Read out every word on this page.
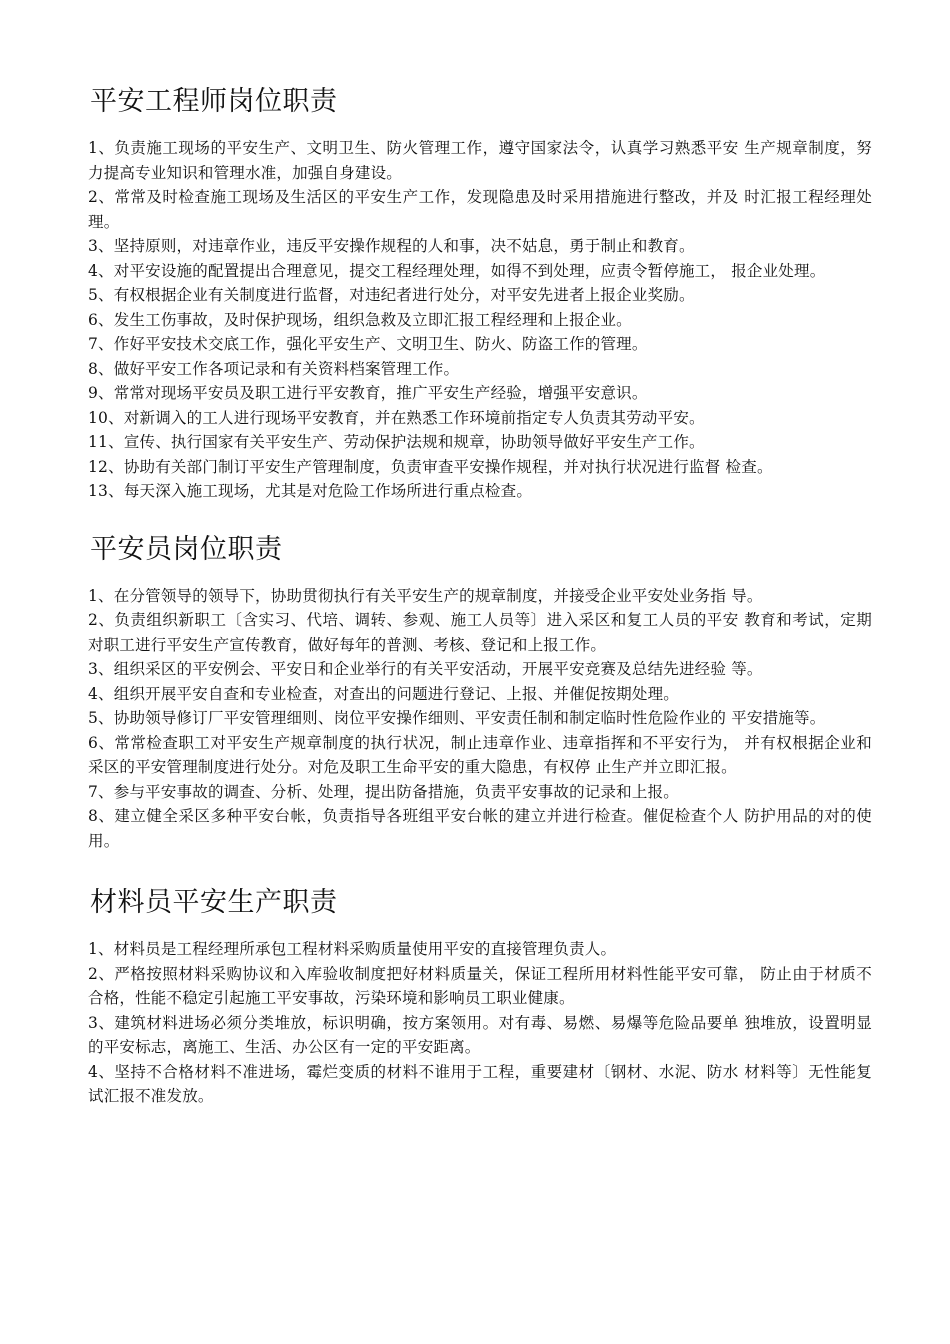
平安工程师岗位职责
1、负责施工现场的平安生产、文明卫生、防火管理工作，遵守国家法令，认真学习熟悉平安 生产规章制度，努力提高专业知识和管理水准，加强自身建设。
2、常常及时检查施工现场及生活区的平安生产工作，发现隐患及时采用措施进行整改，并及 时汇报工程经理处理。
3、坚持原则，对违章作业，违反平安操作规程的人和事，决不姑息，勇于制止和教育。
4、对平安设施的配置提出合理意见，提交工程经理处理，如得不到处理，应责令暂停施工， 报企业处理。
5、有权根据企业有关制度进行监督，对违纪者进行处分，对平安先进者上报企业奖励。
6、发生工伤事故，及时保护现场，组织急救及立即汇报工程经理和上报企业。
7、作好平安技术交底工作，强化平安生产、文明卫生、防火、防盗工作的管理。
8、做好平安工作各项记录和有关资料档案管理工作。
9、常常对现场平安员及职工进行平安教育，推广平安生产经验，增强平安意识。
10、对新调入的工人进行现场平安教育，并在熟悉工作环境前指定专人负责其劳动平安。
11、宣传、执行国家有关平安生产、劳动保护法规和规章，协助领导做好平安生产工作。
12、协助有关部门制订平安生产管理制度，负责审查平安操作规程，并对执行状况进行监督 检查。
13、每天深入施工现场，尤其是对危险工作场所进行重点检查。
平安员岗位职责
1、在分管领导的领导下，协助贯彻执行有关平安生产的规章制度，并接受企业平安处业务指 导。
2、负责组织新职工〔含实习、代培、调转、参观、施工人员等〕进入采区和复工人员的平安 教育和考试，定期对职工进行平安生产宣传教育，做好每年的普测、考核、登记和上报工作。
3、组织采区的平安例会、平安日和企业举行的有关平安活动，开展平安竞赛及总结先进经验 等。
4、组织开展平安自查和专业检查，对查出的问题进行登记、上报、并催促按期处理。
5、协助领导修订厂平安管理细则、岗位平安操作细则、平安责任制和制定临时性危险作业的 平安措施等。
6、常常检查职工对平安生产规章制度的执行状况，制止违章作业、违章指挥和不平安行为， 并有权根据企业和采区的平安管理制度进行处分。对危及职工生命平安的重大隐患，有权停 止生产并立即汇报。
7、参与平安事故的调查、分析、处理，提出防备措施，负责平安事故的记录和上报。
8、建立健全采区多种平安台帐，负责指导各班组平安台帐的建立并进行检查。催促检查个人 防护用品的对的使用。
材料员平安生产职责
1、材料员是工程经理所承包工程材料采购质量使用平安的直接管理负责人。
2、严格按照材料采购协议和入库验收制度把好材料质量关，保证工程所用材料性能平安可靠， 防止由于材质不合格，性能不稳定引起施工平安事故，污染环境和影响员工职业健康。
3、建筑材料进场必须分类堆放，标识明确，按方案领用。对有毒、易燃、易爆等危险品要单 独堆放，设置明显的平安标志，离施工、生活、办公区有一定的平安距离。
4、坚持不合格材料不准进场，霉烂变质的材料不谁用于工程，重要建材〔钢材、水泥、防水 材料等〕无性能复试汇报不准发放。
